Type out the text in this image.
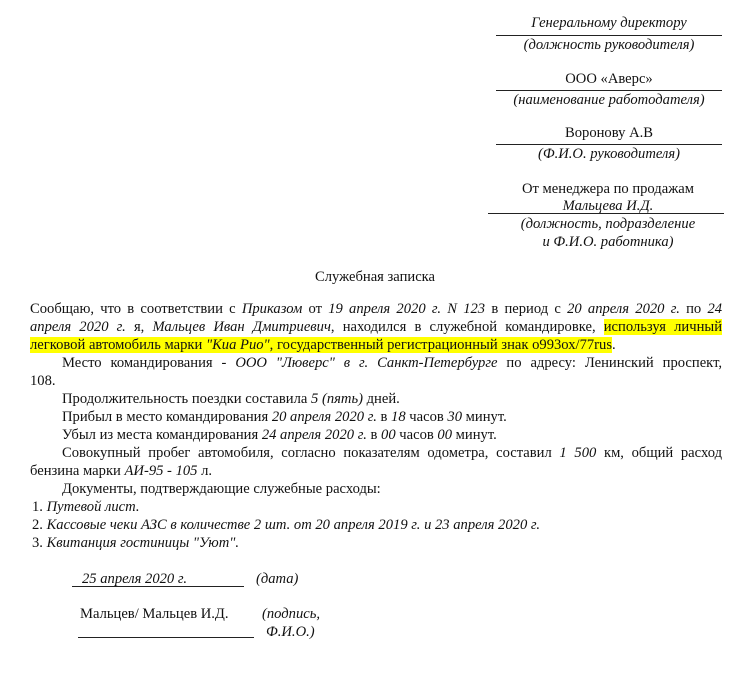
Генеральному директору
(должность руководителя)
ООО «Аверс»
(наименование работодателя)
Воронову А.В
(Ф.И.О. руководителя)
От менеджера по продажам
Мальцева И.Д.
(должность, подразделение
и Ф.И.О. работника)
Служебная записка

Сообщаю, что в соответствии с Приказом от 19 апреля 2020 г. N 123 в период с 20 апреля 2020 г. по 24

апреля 2020 г. я, Мальцев Иван Дмитриевич, находился в служебной командировке, используя личный

легковой автомобиль марки "Киа Рио", государственный регистрационный знак о993ох/77rus.

Место командирования - ООО "Люверс" в г. Санкт-Петербурге по адресу: Ленинский проспект,

108.

Продолжительность поездки составила 5 (пять) дней.

Прибыл в место командирования 20 апреля 2020 г. в 18 часов 30 минут.

Убыл из места командирования 24 апреля 2020 г. в 00 часов 00 минут.

Совокупный пробег автомобиля, согласно показателям одометра, составил 1 500 км, общий расход

бензина марки АИ-95 - 105 л.

Документы, подтверждающие служебные расходы:

1. Путевой лист.

2. Кассовые чеки АЗС в количестве 2 шт. от 20 апреля 2019 г. и 23 апреля 2020 г.

3. Квитанция гостиницы "Уют".

25 апреля 2020 г.	(дата)
Мальцев/ Мальцев И.Д. (подпись,
Ф.И.О.)
